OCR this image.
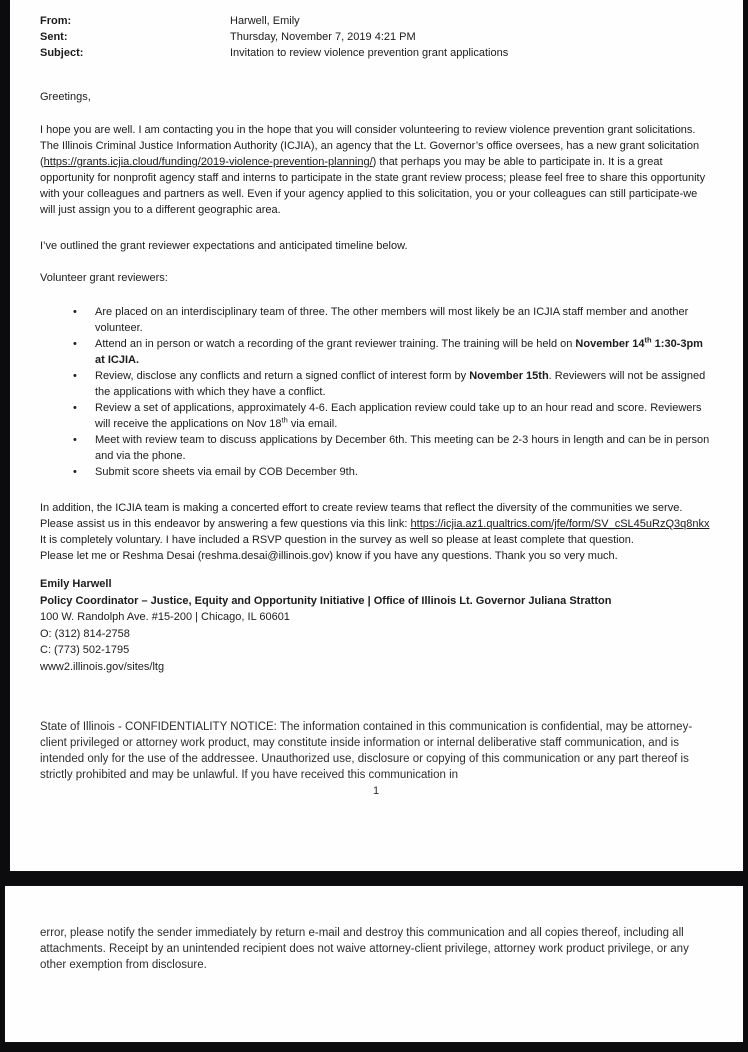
From:	Harwell, Emily
Sent:	Thursday, November 7, 2019 4:21 PM
Subject:	Invitation to review violence prevention grant applications
Greetings,
I hope you are well. I am contacting you in the hope that you will consider volunteering to review violence prevention grant solicitations. The Illinois Criminal Justice Information Authority (ICJIA), an agency that the Lt. Governor’s office oversees, has a new grant solicitation (https://grants.icjia.cloud/funding/2019-violence-prevention-planning/) that perhaps you may be able to participate in. It is a great opportunity for nonprofit agency staff and interns to participate in the state grant review process; please feel free to share this opportunity with your colleagues and partners as well. Even if your agency applied to this solicitation, you or your colleagues can still participate-we will just assign you to a different geographic area.
I’ve outlined the grant reviewer expectations and anticipated timeline below.
Volunteer grant reviewers:
• Are placed on an interdisciplinary team of three. The other members will most likely be an ICJIA staff member and another volunteer.
• Attend an in person or watch a recording of the grant reviewer training. The training will be held on November 14th 1:30-3pm at ICJIA.
• Review, disclose any conflicts and return a signed conflict of interest form by November 15th. Reviewers will not be assigned the applications with which they have a conflict.
• Review a set of applications, approximately 4-6. Each application review could take up to an hour read and score. Reviewers will receive the applications on Nov 18th via email.
• Meet with review team to discuss applications by December 6th. This meeting can be 2-3 hours in length and can be in person and via the phone.
• Submit score sheets via email by COB December 9th.
In addition, the ICJIA team is making a concerted effort to create review teams that reflect the diversity of the communities we serve. Please assist us in this endeavor by answering a few questions via this link: https://icjia.az1.qualtrics.com/jfe/form/SV_cSL45uRzQ3q8nkx It is completely voluntary. I have included a RSVP question in the survey as well so please at least complete that question.
Please let me or Reshma Desai (reshma.desai@illinois.gov) know if you have any questions. Thank you so very much.
Emily Harwell
Policy Coordinator – Justice, Equity and Opportunity Initiative | Office of Illinois Lt. Governor Juliana Stratton
100 W. Randolph Ave. #15-200 | Chicago, IL 60601
O: (312) 814-2758
C: (773) 502-1795
www2.illinois.gov/sites/ltg
State of Illinois - CONFIDENTIALITY NOTICE: The information contained in this communication is confidential, may be attorney-client privileged or attorney work product, may constitute inside information or internal deliberative staff communication, and is intended only for the use of the addressee. Unauthorized use, disclosure or copying of this communication or any part thereof is strictly prohibited and may be unlawful. If you have received this communication in
1
error, please notify the sender immediately by return e-mail and destroy this communication and all copies thereof, including all attachments. Receipt by an unintended recipient does not waive attorney-client privilege, attorney work product privilege, or any other exemption from disclosure.
